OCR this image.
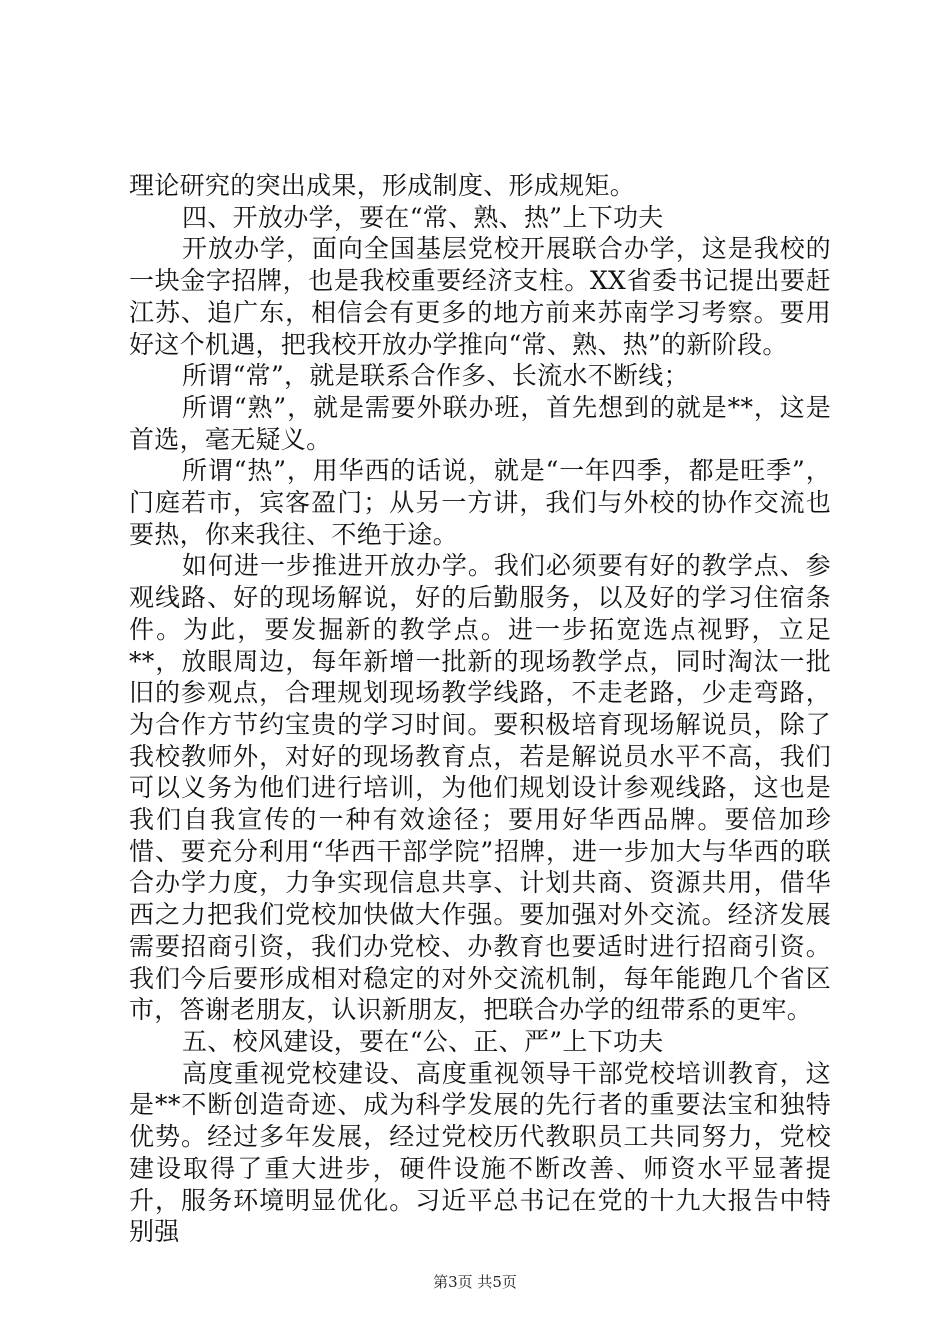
理论研究的突出成果，形成制度、形成规矩。

四、开放办学，要在“常、熟、热”上下功夫

开放办学，面向全国基层党校开展联合办学，这是我校的一块金字招牌，也是我校重要经济支柱。XX省委书记提出要赶江苏、追广东，相信会有更多的地方前来苏南学习考察。要用好这个机遇，把我校开放办学推向“常、熟、热”的新阶段。

所谓“常”，就是联系合作多、长流水不断线；

所谓“熟”，就是需要外联办班，首先想到的就是**，这是首选，毫无疑义。

所谓“热”，用华西的话说，就是“一年四季，都是旺季”，门庭若市，宾客盈门；从另一方讲，我们与外校的协作交流也要热，你来我往、不绝于途。

如何进一步推进开放办学。我们必须要有好的教学点、参观线路、好的现场解说，好的后勤服务，以及好的学习住宿条件。为此，要发掘新的教学点。进一步拓宽选点视野，立足**，放眼周边，每年新增一批新的现场教学点，同时淘汰一批旧的参观点，合理规划现场教学线路，不走老路，少走弯路，为合作方节约宝贵的学习时间。要积极培育现场解说员，除了我校教师外，对好的现场教育点，若是解说员水平不高，我们可以义务为他们进行培训，为他们规划设计参观线路，这也是我们自我宣传的一种有效途径；要用好华西品牌。要倍加珍惜、要充分利用“华西干部学院”招牌，进一步加大与华西的联合办学力度，力争实现信息共享、计划共商、资源共用，借华西之力把我们党校加快做大作强。要加强对外交流。经济发展需要招商引资，我们办党校、办教育也要适时进行招商引资。我们今后要形成相对稳定的对外交流机制，每年能跑几个省区市，答谢老朋友，认识新朋友，把联合办学的纽带系的更牢。

五、校风建设，要在“公、正、严”上下功夫

高度重视党校建设、高度重视领导干部党校培训教育，这是**不断创造奇迹、成为科学发展的先行者的重要法宝和独特优势。经过多年发展，经过党校历代教职员工共同努力，党校建设取得了重大进步，硬件设施不断改善、师资水平显著提升，服务环境明显优化。习近平总书记在党的十九大报告中特别强

第3页 共5页
